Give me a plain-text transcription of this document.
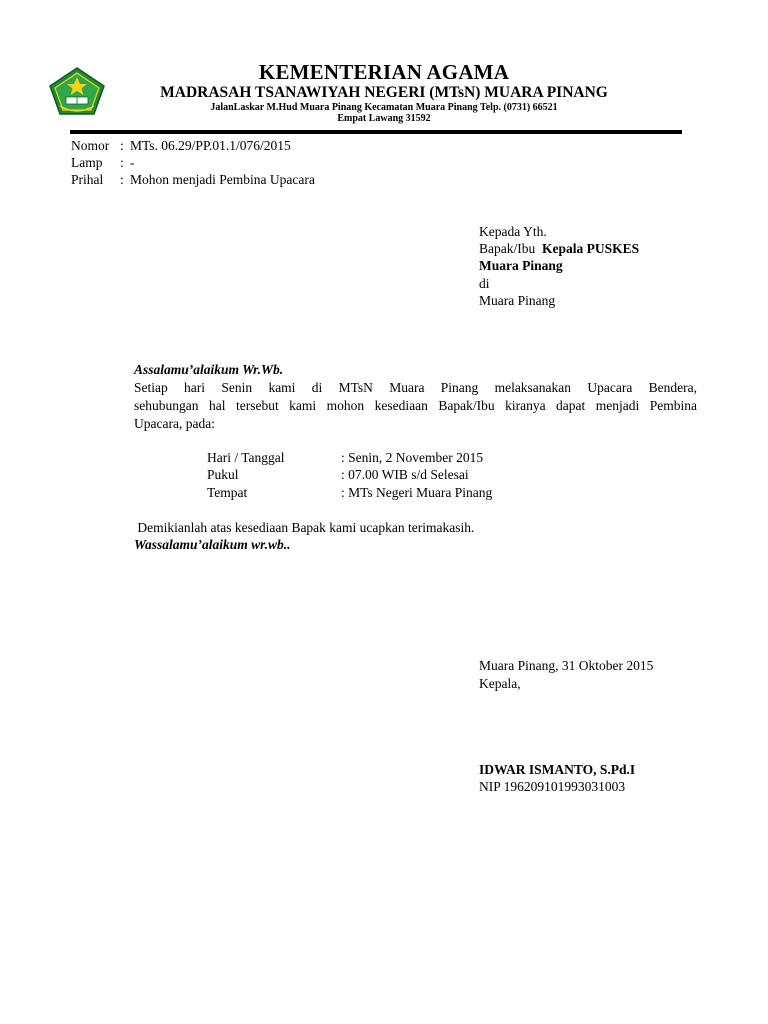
KEMENTERIAN AGAMA
MADRASAH TSANAWIYAH NEGERI (MTsN) MUARA PINANG
JalanLaskar M.Hud Muara Pinang Kecamatan Muara Pinang Telp. (0731) 66521
Empat Lawang 31592
Nomor : MTs. 06.29/PP.01.1/076/2015
Lamp : -
Prihal : Mohon menjadi Pembina Upacara
Kepada Yth.
Bapak/Ibu Kepala PUSKES
Muara Pinang
di
Muara Pinang
Assalamu’alaikum Wr.Wb.
Setiap hari Senin kami di MTsN Muara Pinang melaksanakan Upacara Bendera,
sehubungan hal tersebut kami mohon kesediaan Bapak/Ibu kiranya dapat menjadi Pembina
Upacara, pada:
Hari / Tanggal	: Senin, 2 November 2015
Pukul	: 07.00 WIB s/d Selesai
Tempat	: MTs Negeri Muara Pinang
Demikianlah atas kesediaan Bapak kami ucapkan terimakasih.
Wassalamu’alaikum wr.wb..
Muara Pinang, 31 Oktober 2015
Kepala,
IDWAR ISMANTO, S.Pd.I
NIP 196209101993031003
